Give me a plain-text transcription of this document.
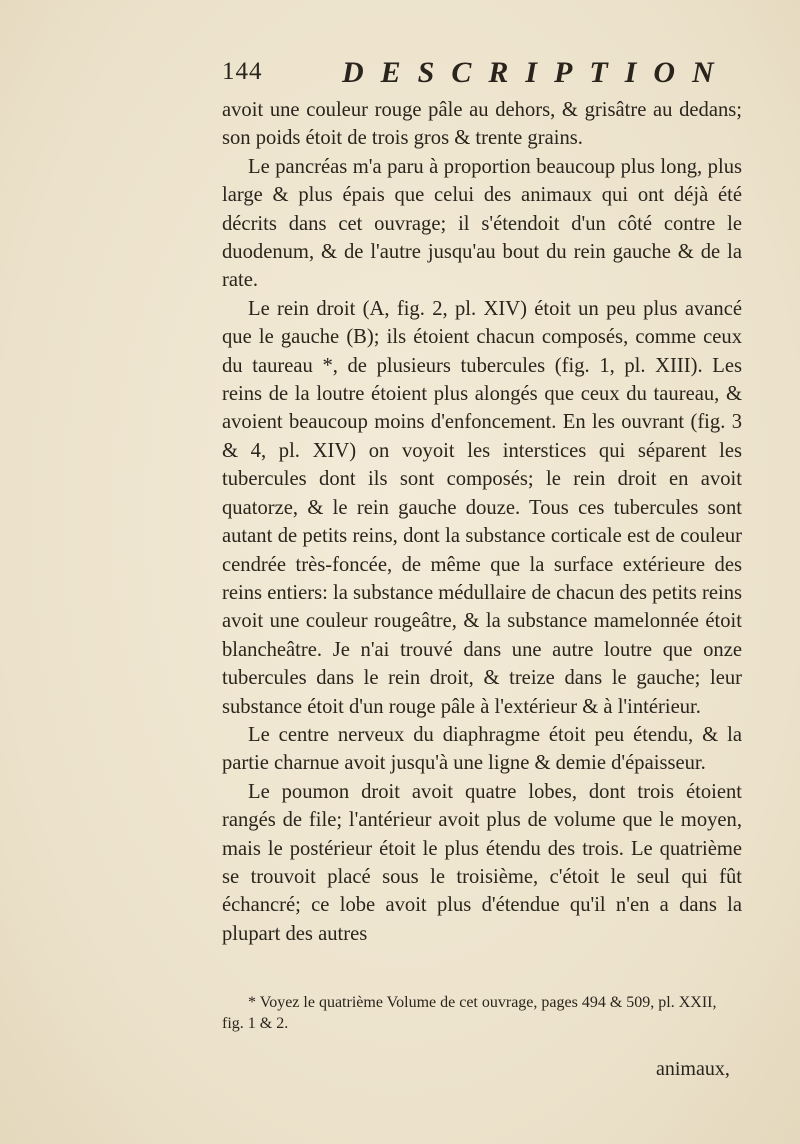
144	DESCRIPTION

avoit une couleur rouge pâle au dehors, & grisâtre au dedans; son poids étoit de trois gros & trente grains.

Le pancréas m'a paru à proportion beaucoup plus long, plus large & plus épais que celui des animaux qui ont déjà été décrits dans cet ouvrage; il s'étendoit d'un côté contre le duodenum, & de l'autre jusqu'au bout du rein gauche & de la rate.

Le rein droit (A, fig. 2, pl. XIV) étoit un peu plus avancé que le gauche (B); ils étoient chacun composés, comme ceux du taureau *, de plusieurs tubercules (fig. 1, pl. XIII). Les reins de la loutre étoient plus alongés que ceux du taureau, & avoient beaucoup moins d'enfoncement. En les ouvrant (fig. 3 & 4, pl. XIV) on voyoit les interstices qui séparent les tubercules dont ils sont composés; le rein droit en avoit quatorze, & le rein gauche douze. Tous ces tubercules sont autant de petits reins, dont la substance corticale est de couleur cendrée très-foncée, de même que la surface extérieure des reins entiers: la substance médullaire de chacun des petits reins avoit une couleur rougeâtre, & la substance mamelonnée étoit blancheâtre. Je n'ai trouvé dans une autre loutre que onze tubercules dans le rein droit, & treize dans le gauche; leur substance étoit d'un rouge pâle à l'extérieur & à l'intérieur.

Le centre nerveux du diaphragme étoit peu étendu, & la partie charnue avoit jusqu'à une ligne & demie d'épaisseur.

Le poumon droit avoit quatre lobes, dont trois étoient rangés de file; l'antérieur avoit plus de volume que le moyen, mais le postérieur étoit le plus étendu des trois. Le quatrième se trouvoit placé sous le troisième, c'étoit le seul qui fût échancré; ce lobe avoit plus d'étendue qu'il n'en a dans la plupart des autres

* Voyez le quatrième Volume de cet ouvrage, pages 494 & 509, pl. XXII, fig. 1 & 2.

animaux,
